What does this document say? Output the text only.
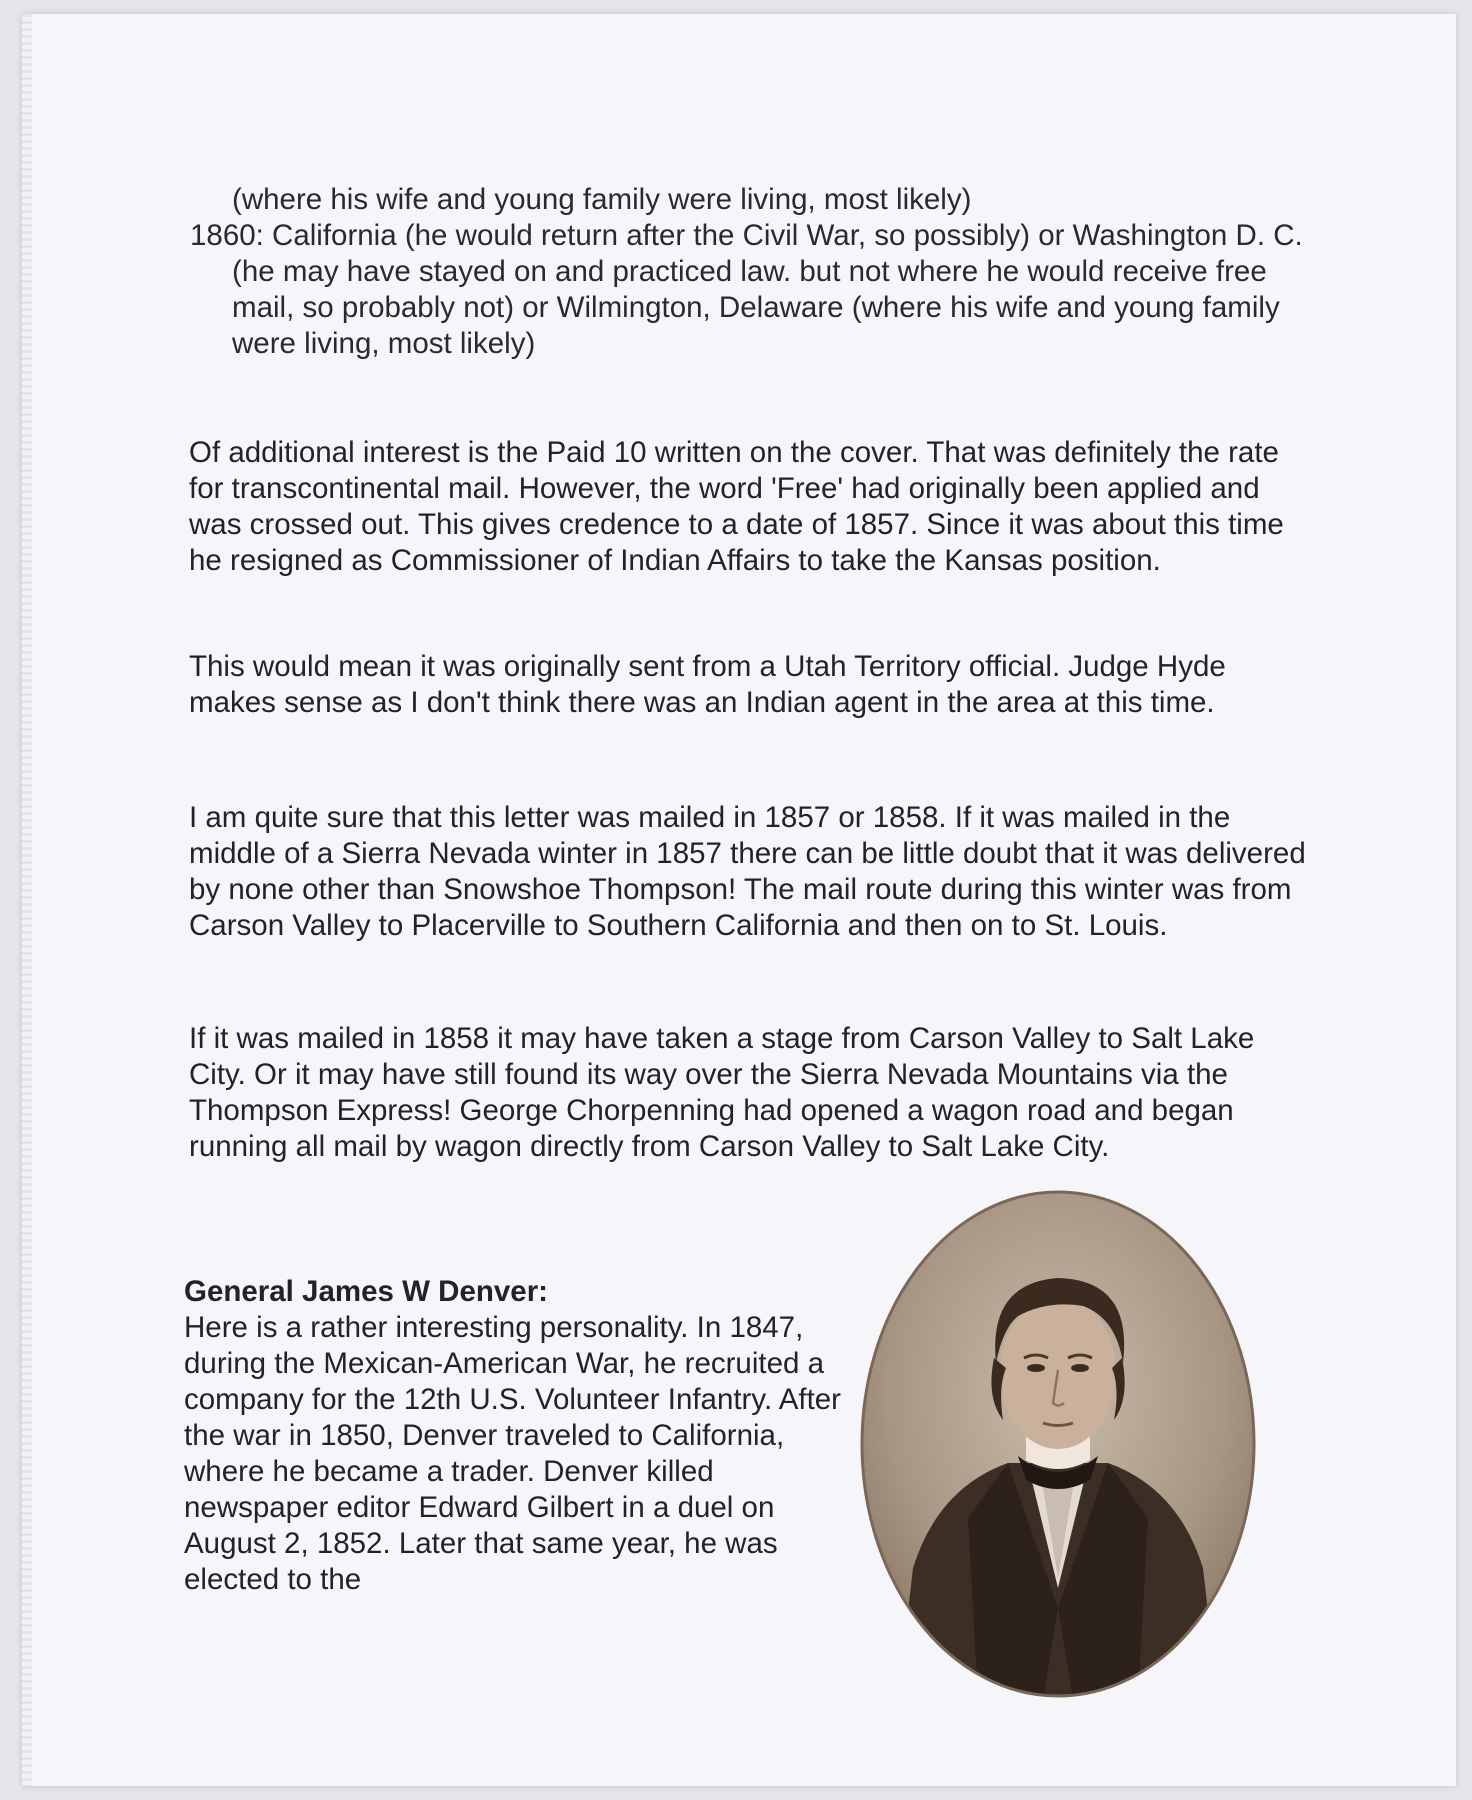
(where his wife and young family were living, most likely)
1860: California (he would return after the Civil War, so possibly) or Washington D. C. (he may have stayed on and practiced law. but not where he would receive free mail, so probably not) or Wilmington, Delaware (where his wife and young family were living, most likely)

Of additional interest is the Paid 10 written on the cover. That was definitely the rate for transcontinental mail. However, the word 'Free' had originally been applied and was crossed out. This gives credence to a date of 1857. Since it was about this time he resigned as Commissioner of Indian Affairs to take the Kansas position.

This would mean it was originally sent from a Utah Territory official. Judge Hyde makes sense as I don't think there was an Indian agent in the area at this time.

I am quite sure that this letter was mailed in 1857 or 1858. If it was mailed in the middle of a Sierra Nevada winter in 1857 there can be little doubt that it was delivered by none other than Snowshoe Thompson! The mail route during this winter was from Carson Valley to Placerville to Southern California and then on to St. Louis.

If it was mailed in 1858 it may have taken a stage from Carson Valley to Salt Lake City. Or it may have still found its way over the Sierra Nevada Mountains via the Thompson Express! George Chorpenning had opened a wagon road and began running all mail by wagon directly from Carson Valley to Salt Lake City.

General James W Denver:
Here is a rather interesting personality. In 1847, during the Mexican-American War, he recruited a company for the 12th U.S. Volunteer Infantry. After the war in 1850, Denver traveled to California, where he became a trader. Denver killed newspaper editor Edward Gilbert in a duel on August 2, 1852. Later that same year, he was elected to the
